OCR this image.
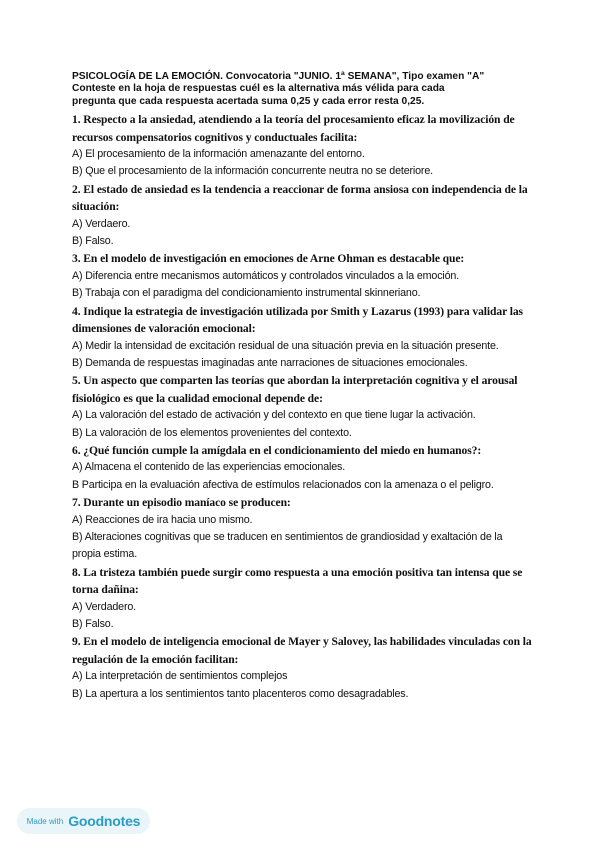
PSICOLOGÍA DE LA EMOCIÓN. Convocatoria "JUNIO. 1ª SEMANA", Tipo examen "A"
Conteste en la hoja de respuestas cuél es la alternativa más vélida para cada
pregunta que cada respuesta acertada suma 0,25 y cada error resta 0,25.

1. Respecto a la ansiedad, atendiendo a la teoría del procesamiento eficaz la movilización de recursos compensatorios cognitivos y conductuales facilita:

A) El procesamiento de la información amenazante del entorno.

B) Que el procesamiento de la información concurrente neutra no se deteriore.

2. El estado de ansiedad es la tendencia a reaccionar de forma ansiosa con independencia de la situación:

A) Verdaero.

B) Falso.

3. En el modelo de investigación en emociones de Arne Ohman es destacable que:

A) Diferencia entre mecanismos automáticos y controlados vinculados a la emoción.

B) Trabaja con el paradigma del condicionamiento instrumental skinneriano.

4. Indique la estrategia de investigación utilizada por Smith y Lazarus (1993) para validar las dimensiones de valoración emocional:

A) Medir la intensidad de excitación residual de una situación previa en la situación presente.

B) Demanda de respuestas imaginadas ante narraciones de situaciones emocionales.

5. Un aspecto que comparten las teorías que abordan la interpretación cognitiva y el arousal fisiológico es que la cualidad emocional depende de:

A) La valoración del estado de activación y del contexto en que tiene lugar la activación.

B) La valoración de los elementos provenientes del contexto.

6. ¿Qué función cumple la amígdala en el condicionamiento del miedo en humanos?:

A) Almacena el contenido de las experiencias emocionales.

B Participa en la evaluación afectiva de estímulos relacionados con la amenaza o el peligro.

7. Durante un episodio maníaco se producen:

A) Reacciones de ira hacia uno mismo.

B) Alteraciones cognitivas que se traducen en sentimientos de grandiosidad y exaltación de la propia estima.

8. La tristeza también puede surgir como respuesta a una emoción positiva tan intensa que se torna dañina:

A) Verdadero.

B) Falso.

9. En el modelo de inteligencia emocional de Mayer y Salovey, las habilidades vinculadas con la regulación de la emoción facilitan:

A) La interpretación de sentimientos complejos

B) La apertura a los sentimientos tanto placenteros como desagradables.

Made with Goodnotes
